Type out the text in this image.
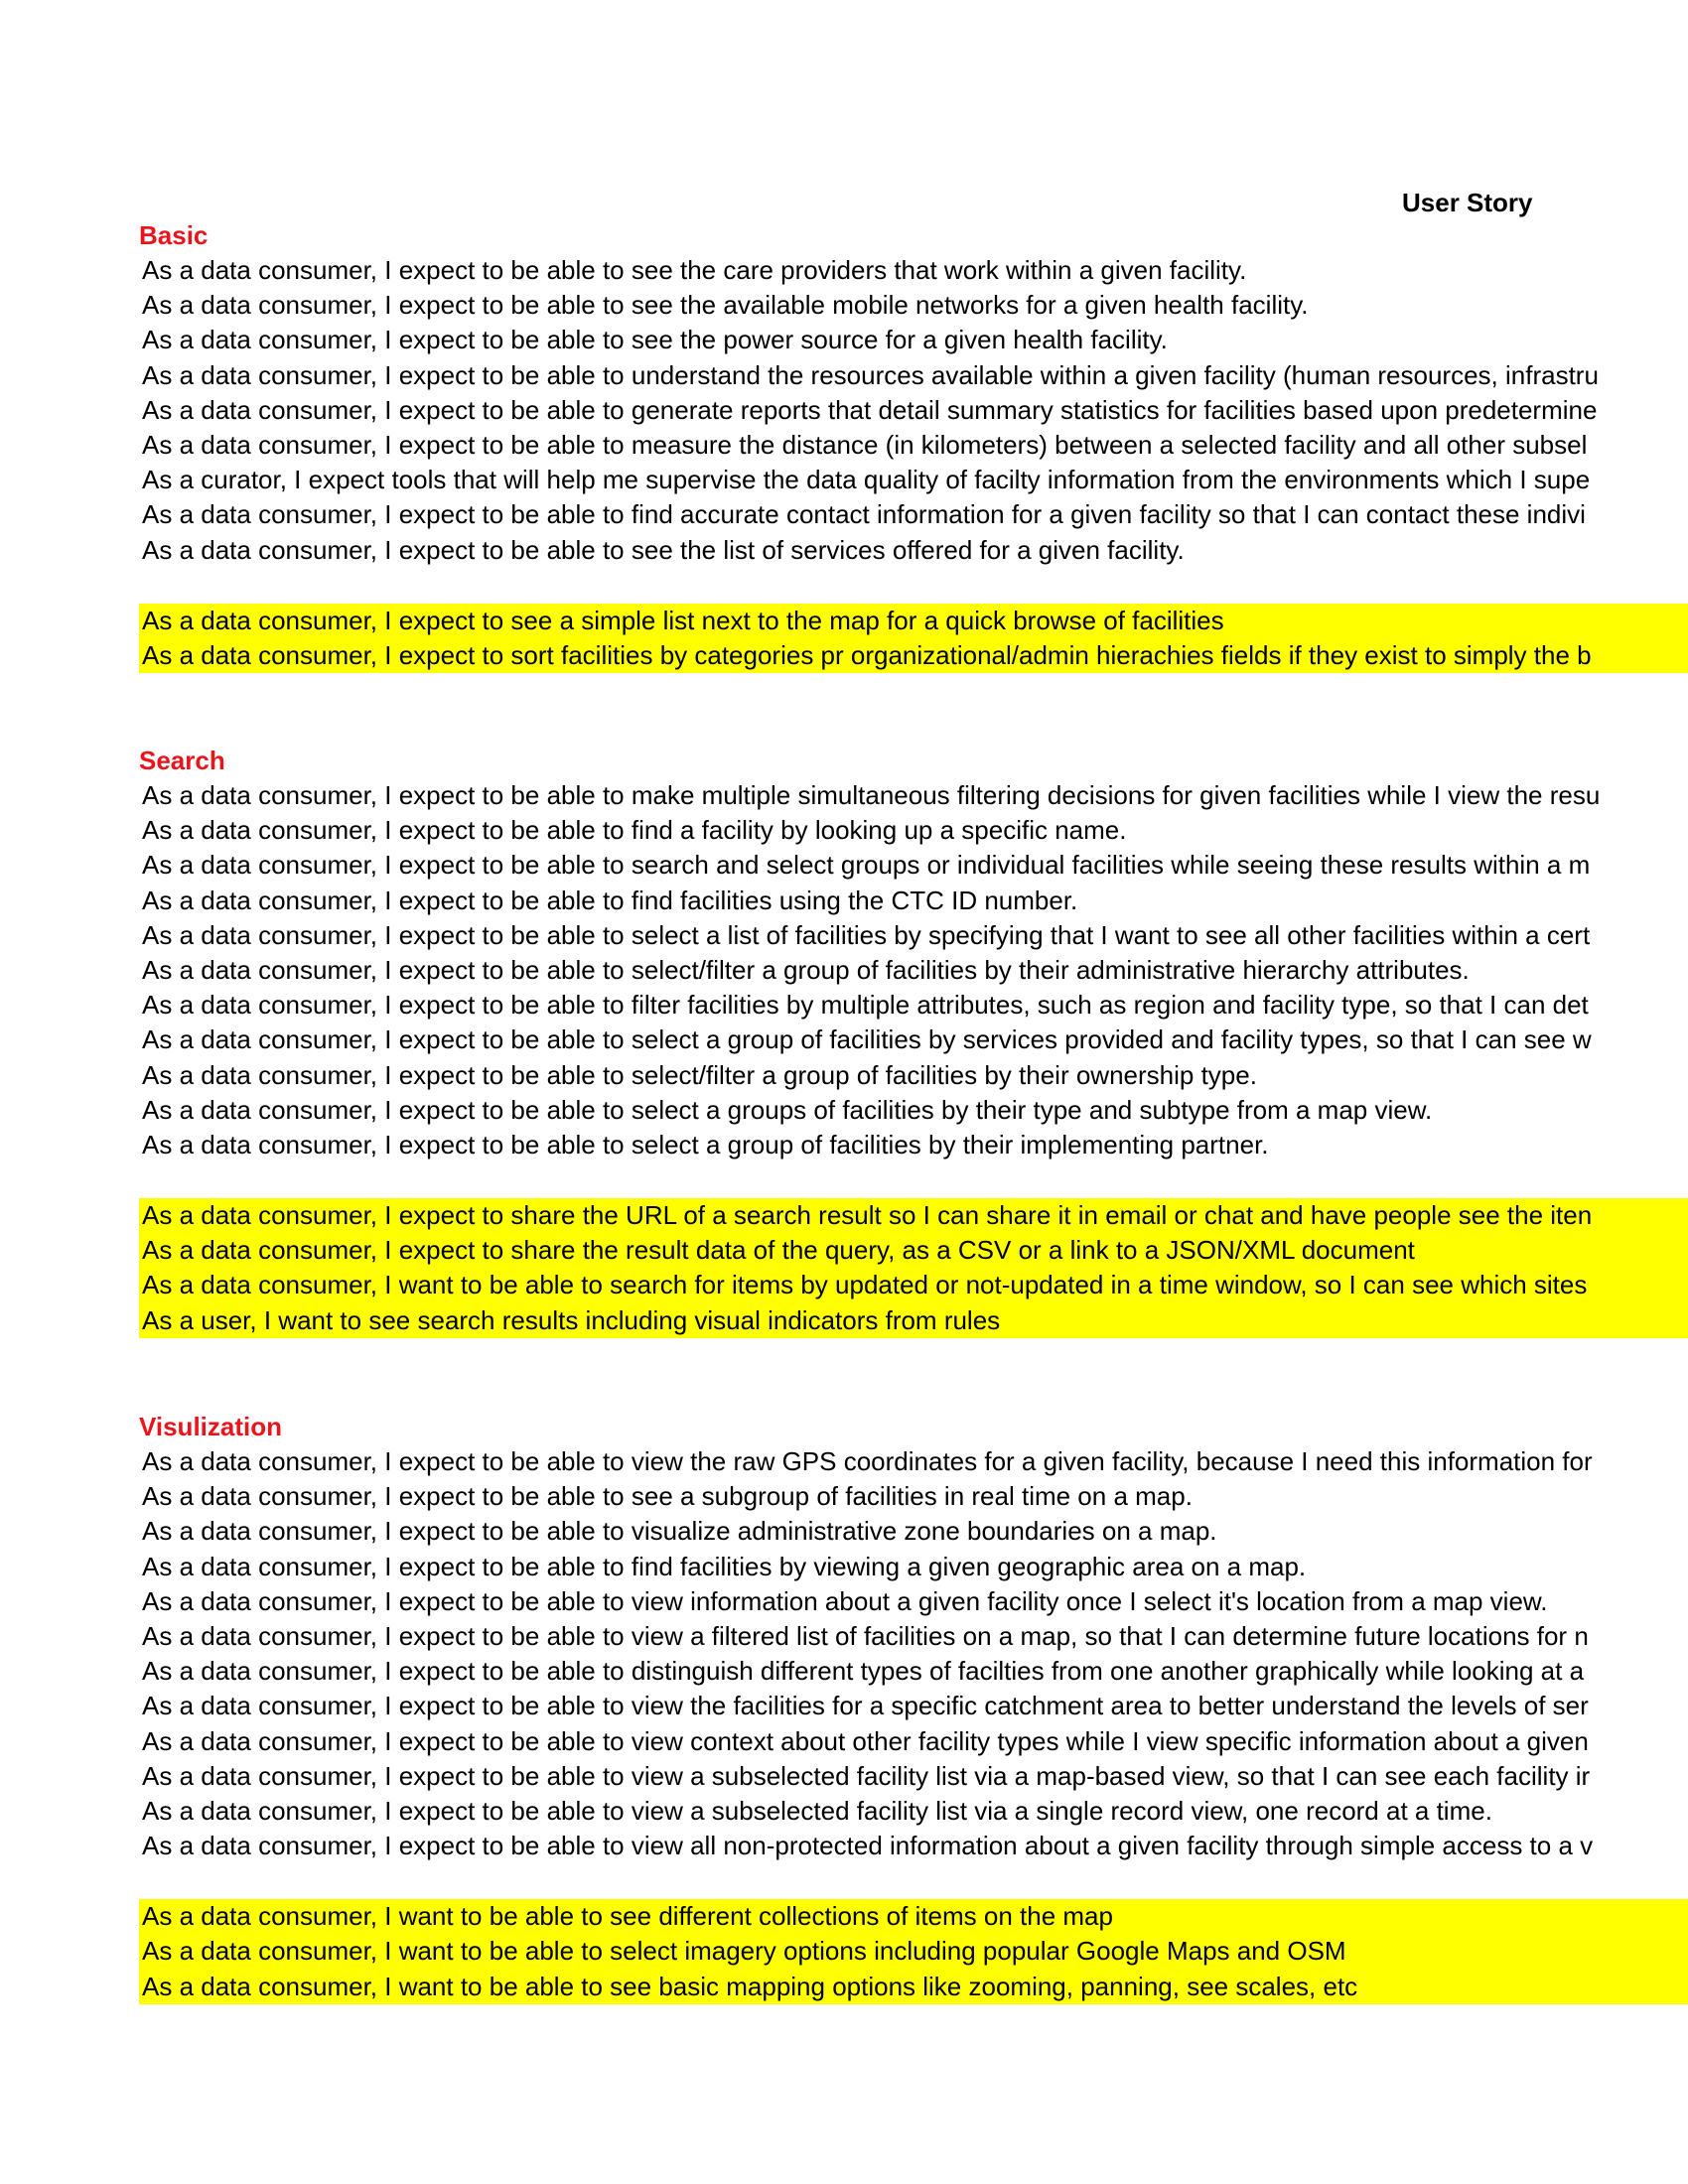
User Story
Basic
As a data consumer, I expect to be able to see the care providers that work within a given facility.
As a data consumer, I expect to be able to see the available mobile networks for a given health facility.
As a data consumer, I expect to be able to see the power source for a given health facility.
As a data consumer, I expect to be able to understand the resources available within a given facility (human resources, infrastru
As a data consumer, I expect to be able to generate reports that detail summary statistics for facilities based upon predetermine
As a data consumer, I expect to be able to measure the distance (in kilometers) between a selected facility and all other subsel
As a curator, I expect tools that will help me supervise the data quality of facilty information from the environments which I supe
As a data consumer, I expect to be able to find accurate contact information for a given facility so that I can contact these indivi
As a data consumer, I expect to be able to see the list of services offered for a given facility.
As a data consumer, I expect to see a simple list next to the map for a quick browse of facilities
As a data consumer, I expect to sort facilities by categories pr organizational/admin hierachies fields if they exist to simply the b
Search
As a data consumer, I expect to be able to make multiple simultaneous filtering decisions for given facilities while I view the resu
As a data consumer, I expect to be able to find a facility by looking up a specific name.
As a data consumer, I expect to be able to search and select groups or individual facilities while seeing these results within a m
As a data consumer, I expect to be able to find facilities using the CTC ID number.
As a data consumer, I expect to be able to select a list of facilities by specifying that I want to see all other facilities within a cert
As a data consumer, I expect to be able to select/filter a group of facilities by their administrative hierarchy attributes.
As a data consumer, I expect to be able to filter facilities by multiple attributes, such as region and facility type, so that I can det
As a data consumer, I expect to be able to select a group of facilities by services provided and facility types, so that I can see w
As a data consumer, I expect to be able to select/filter a group of facilities by their ownership type.
As a data consumer, I expect to be able to select a groups of facilities by their type and subtype from a map view.
As a data consumer, I expect to be able to select a group of facilities by their implementing partner.
As a data consumer, I expect to share the URL of a search result so I can share it in email or chat and have people see the iten
As a data consumer, I expect to share the result data of the query, as a CSV or a link to a JSON/XML document
As a data consumer, I want to be able to search for items by updated or not-updated in a time window, so I can see which sites
As a user, I want to see search results including visual indicators from rules
Visulization
As a data consumer, I expect to be able to view the raw GPS coordinates for a given facility, because I need this information for
As a data consumer, I expect to be able to see a subgroup of facilities in real time on a map.
As a data consumer, I expect to be able to visualize administrative zone boundaries on a map.
As a data consumer, I expect to be able to find facilities by viewing a given geographic area on a map.
As a data consumer, I expect to be able to view information about a given facility once I select it's location from a map view.
As a data consumer, I expect to be able to view a filtered list of facilities on a map, so that I can determine future locations for n
As a data consumer, I expect to be able to distinguish different types of facilties from one another graphically while looking at a
As a data consumer, I expect to be able to view the facilities for a specific catchment area to better understand the levels of ser
As a data consumer, I expect to be able to view context about other facility types while I view specific information about a given
As a data consumer, I expect to be able to view a subselected facility list via a map-based view, so that I can see each facility ir
As a data consumer, I expect to be able to view a subselected facility list via a single record view, one record at a time.
As a data consumer, I expect to be able to view all non-protected information about a given facility through simple access to a v
As a data consumer, I want to be able to see different collections of items on the map
As a data consumer, I want to be able to select imagery options including popular Google Maps and OSM
As a data consumer, I want to be able to see basic mapping options like zooming, panning, see scales, etc
